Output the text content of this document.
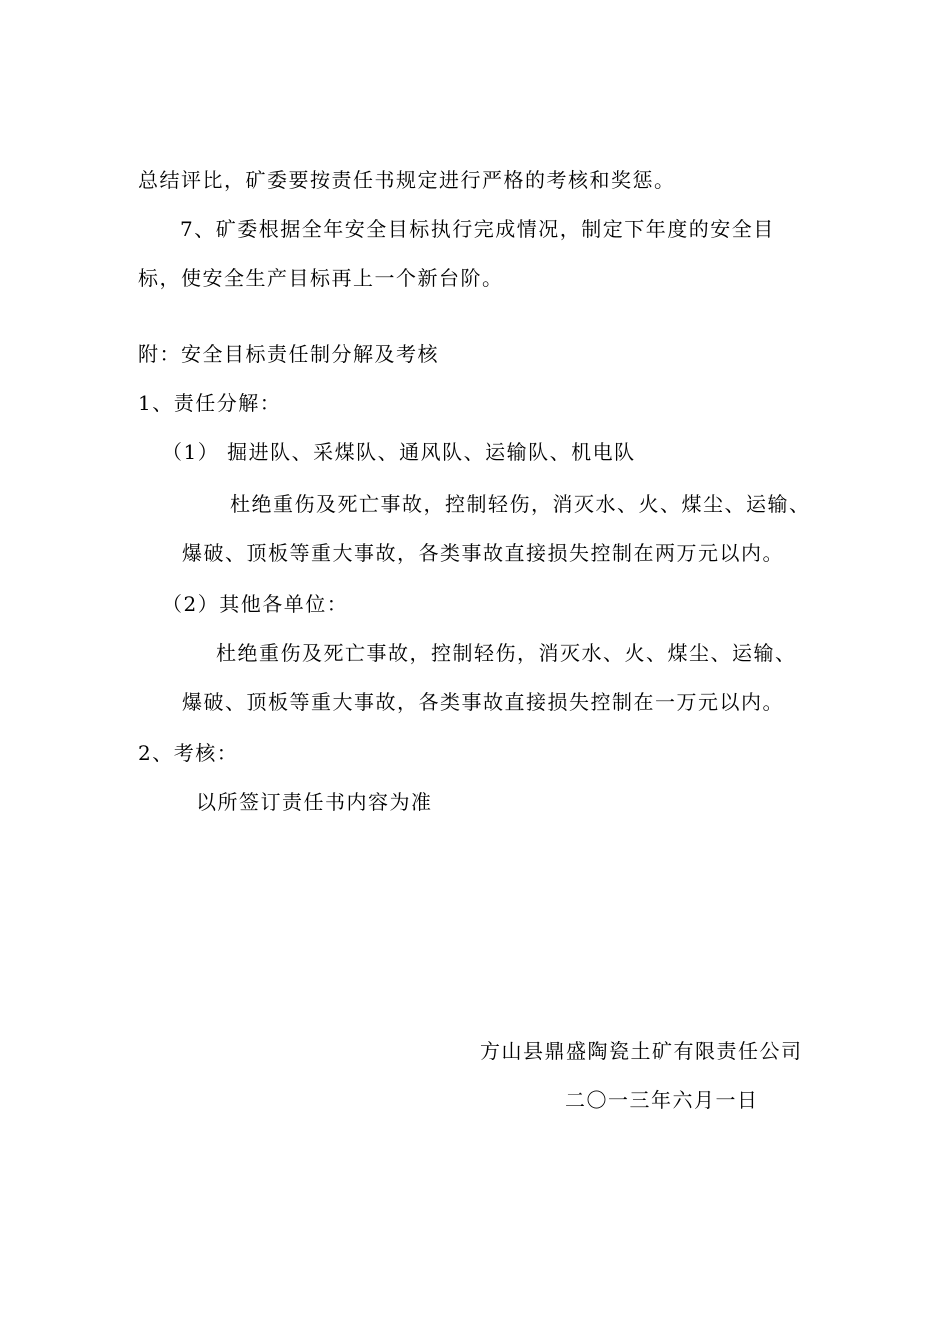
总结评比，矿委要按责任书规定进行严格的考核和奖惩。
7、矿委根据全年安全目标执行完成情况，制定下年度的安全目
标，使安全生产目标再上一个新台阶。
附：安全目标责任制分解及考核
1、责任分解：
（1） 掘进队、采煤队、通风队、运输队、机电队
杜绝重伤及死亡事故，控制轻伤，消灭水、火、煤尘、运输、
爆破、顶板等重大事故，各类事故直接损失控制在两万元以内。
（2）其他各单位：
杜绝重伤及死亡事故，控制轻伤，消灭水、火、煤尘、运输、
爆破、顶板等重大事故，各类事故直接损失控制在一万元以内。
2、考核：
以所签订责任书内容为准
方山县鼎盛陶瓷土矿有限责任公司
二〇一三年六月一日
